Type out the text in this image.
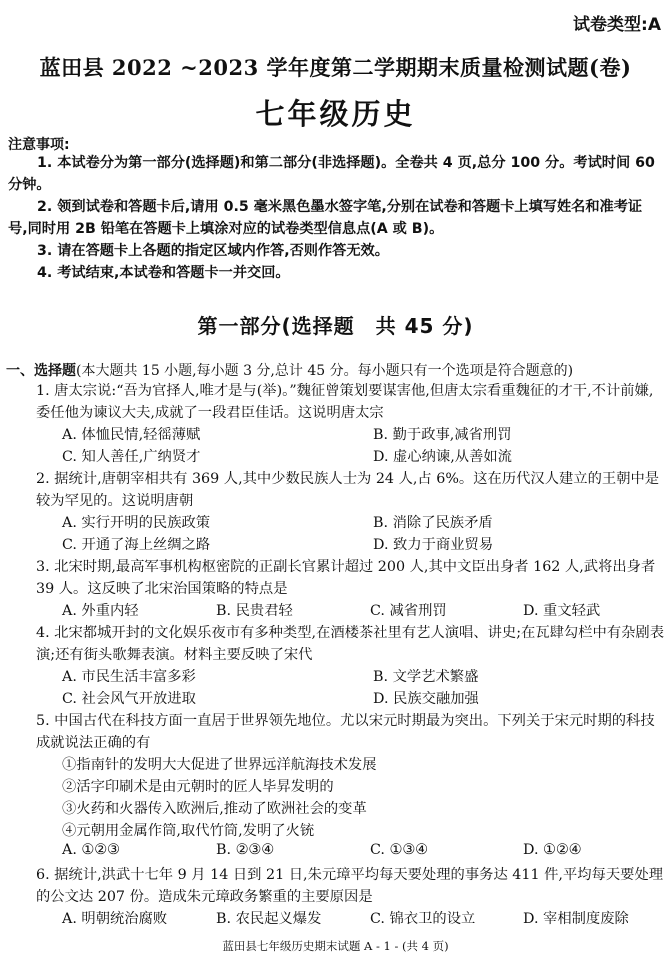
试卷类型:A
蓝田县 2022 ~2023 学年度第二学期期末质量检测试题(卷)
七年级历史
注意事项:
1. 本试卷分为第一部分(选择题)和第二部分(非选择题)。全卷共 4 页,总分 100 分。考试时间 60 分钟。
2. 领到试卷和答题卡后,请用 0.5 毫米黑色墨水签字笔,分别在试卷和答题卡上填写姓名和准考证号,同时用 2B 铅笔在答题卡上填涂对应的试卷类型信息点(A 或 B)。
3. 请在答题卡上各题的指定区域内作答,否则作答无效。
4. 考试结束,本试卷和答题卡一并交回。
第一部分(选择题　共 45 分)
一、选择题(本大题共 15 小题,每小题 3 分,总计 45 分。每小题只有一个选项是符合题意的)
1. 唐太宗说:“吾为官择人,唯才是与(举)。”魏征曾策划要谋害他,但唐太宗看重魏征的才干,不计前嫌,委任他为谏议大夫,成就了一段君臣佳话。这说明唐太宗
A. 体恤民情,轻徭薄赋	B. 勤于政事,减省刑罚
C. 知人善任,广纳贤才	D. 虚心纳谏,从善如流
2. 据统计,唐朝宰相共有 369 人,其中少数民族人士为 24 人,占 6%。这在历代汉人建立的王朝中是较为罕见的。这说明唐朝
A. 实行开明的民族政策	B. 消除了民族矛盾
C. 开通了海上丝绸之路	D. 致力于商业贸易
3. 北宋时期,最高军事机构枢密院的正副长官累计超过 200 人,其中文臣出身者 162 人,武将出身者 39 人。这反映了北宋治国策略的特点是
A. 外重内轻	B. 民贵君轻	C. 减省刑罚	D. 重文轻武
4. 北宋都城开封的文化娱乐夜市有多种类型,在酒楼茶社里有艺人演唱、讲史;在瓦肆勾栏中有杂剧表演;还有街头歌舞表演。材料主要反映了宋代
A. 市民生活丰富多彩	B. 文学艺术繁盛
C. 社会风气开放进取	D. 民族交融加强
5. 中国古代在科技方面一直居于世界领先地位。尤以宋元时期最为突出。下列关于宋元时期的科技成就说法正确的有
①指南针的发明大大促进了世界远洋航海技术发展
②活字印刷术是由元朝时的匠人毕昇发明的
③火药和火器传入欧洲后,推动了欧洲社会的变革
④元朝用金属作筒,取代竹筒,发明了火铳
A. ①②③	B. ②③④	C. ①③④	D. ①②④
6. 据统计,洪武十七年 9 月 14 日到 21 日,朱元璋平均每天要处理的事务达 411 件,平均每天要处理的公文达 207 份。造成朱元璋政务繁重的主要原因是
A. 明朝统治腐败	B. 农民起义爆发	C. 锦衣卫的设立	D. 宰相制度废除
蓝田县七年级历史期末试题 A - 1 - (共 4 页)
